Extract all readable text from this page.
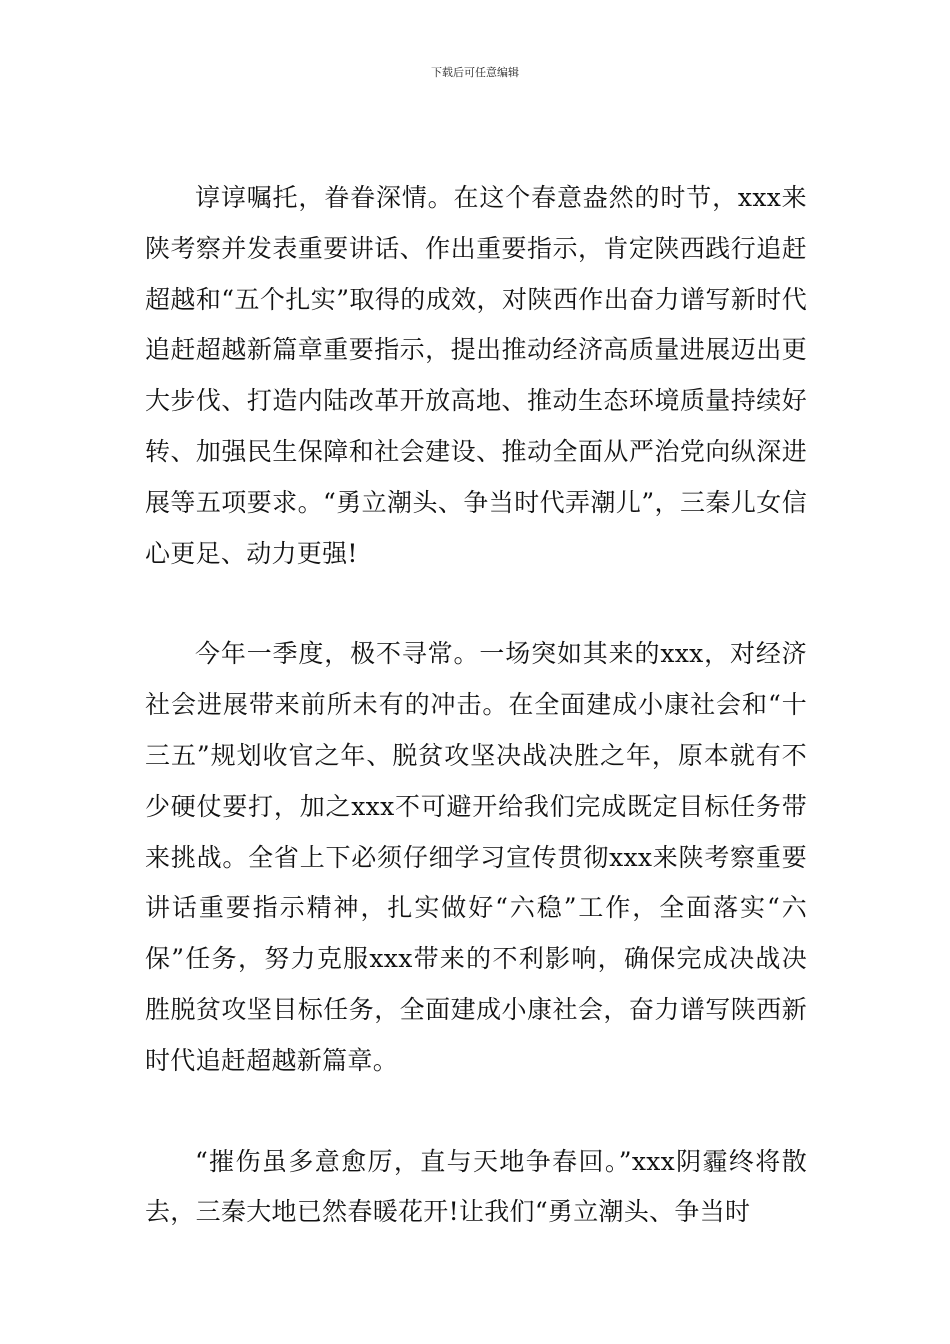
下载后可任意编辑

谆谆嘱托，眷眷深情。在这个春意盎然的时节，xxx来陕考察并发表重要讲话、作出重要指示，肯定陕西践行追赶超越和“五个扎实”取得的成效，对陕西作出奋力谱写新时代追赶超越新篇章重要指示，提出推动经济高质量进展迈出更大步伐、打造内陆改革开放高地、推动生态环境质量持续好转、加强民生保障和社会建设、推动全面从严治党向纵深进展等五项要求。“勇立潮头、争当时代弄潮儿”，三秦儿女信心更足、动力更强!

今年一季度，极不寻常。一场突如其来的xxx，对经济社会进展带来前所未有的冲击。在全面建成小康社会和“十三五”规划收官之年、脱贫攻坚决战决胜之年，原本就有不少硬仗要打，加之xxx不可避开给我们完成既定目标任务带来挑战。全省上下必须仔细学习宣传贯彻xxx来陕考察重要讲话重要指示精神，扎实做好“六稳”工作，全面落实“六保”任务，努力克服xxx带来的不利影响，确保完成决战决胜脱贫攻坚目标任务，全面建成小康社会，奋力谱写陕西新时代追赶超越新篇章。

“摧伤虽多意愈厉，直与天地争春回。”xxx阴霾终将散去，三秦大地已然春暖花开!让我们“勇立潮头、争当时
